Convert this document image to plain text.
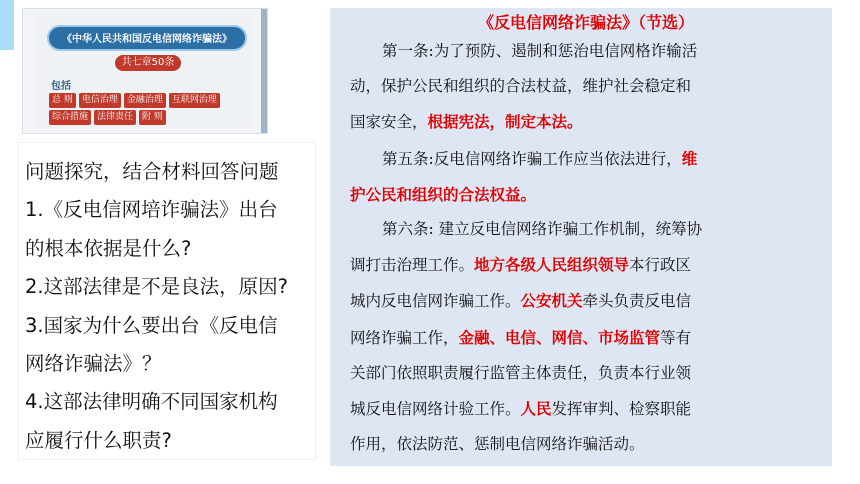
《中华人民共和国反电信网络诈骗法》
共七章50条
包括
总 则	电信治理	金融治理	互联网治理
综合措施	法律责任	附 则
问题探究，结合材料回答问题
1.《反电信网培诈骗法》出台
的根本依据是什么?
2.这部法律是不是良法，原因?
3.国家为什么要出台《反电信
网络诈骗法》？
4.这部法律明确不同国家机构
应履行什么职责?
《反电信网络诈骗法》（节选）
第一条:为了预防、遏制和惩治电信网格诈输活
动，保护公民和组织的合法杖益，维护社会稳定和
国家安全，根据宪法，制定本法。
第五条:反电信网络诈骗工作应当依法进行，维
护公民和组织的合法权益。
第六条: 建立反电信网络诈骗工作机制，统筹协
调打击治理工作。地方各级人民组织领导本行政区
城内反电信网诈骗工作。公安机关牵头负责反电信
网络诈骗工作，金融、电信、网信、市场监管等有
关部门依照职责履行监管主体责任，负责本行业领
城反电信网络计验工作。人民发挥审判、检察职能
作用，依法防范、惩制电信网络诈骗活动。
